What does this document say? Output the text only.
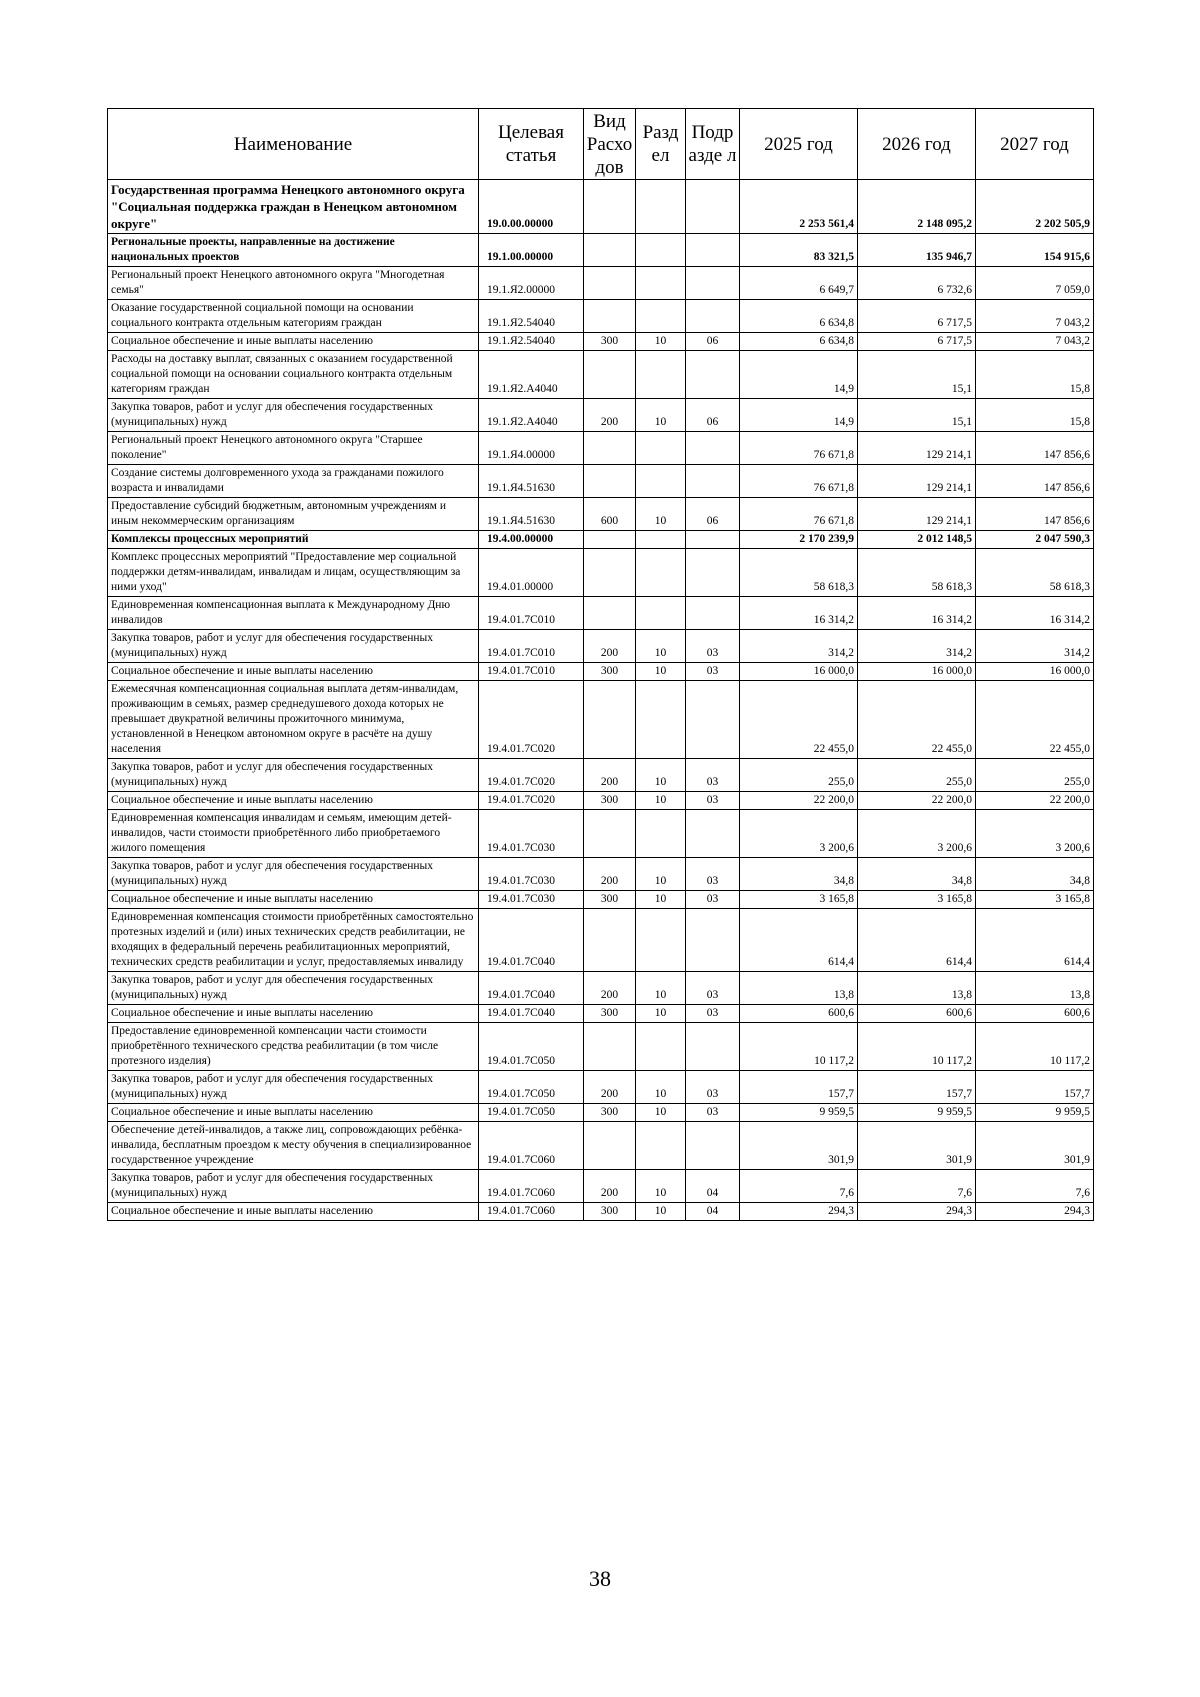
Наименование	Целевая статья	Вид Расхо дов	Разд ел	Подр азде л	2025 год	2026 год	2027 год
Государственная программа Ненецкого автономного округа "Социальная поддержка граждан в Ненецком автономном округе"	19.0.00.00000				2 253 561,4	2 148 095,2	2 202 505,9
Региональные проекты, направленные на достижение национальных проектов	19.1.00.00000				83 321,5	135 946,7	154 915,6
Региональный проект Ненецкого автономного округа "Многодетная семья"	19.1.Я2.00000				6 649,7	6 732,6	7 059,0
Оказание государственной социальной помощи на основании социального контракта отдельным категориям граждан	19.1.Я2.54040				6 634,8	6 717,5	7 043,2
Социальное обеспечение и иные выплаты населению	19.1.Я2.54040	300	10	06	6 634,8	6 717,5	7 043,2
Расходы на доставку выплат, связанных с оказанием государственной социальной помощи на основании социального контракта отдельным категориям граждан	19.1.Я2.А4040				14,9	15,1	15,8
Закупка товаров, работ и услуг для обеспечения государственных (муниципальных) нужд	19.1.Я2.А4040	200	10	06	14,9	15,1	15,8
Региональный проект Ненецкого автономного округа "Старшее поколение"	19.1.Я4.00000				76 671,8	129 214,1	147 856,6
Создание системы долговременного ухода за гражданами пожилого возраста и инвалидами	19.1.Я4.51630				76 671,8	129 214,1	147 856,6
Предоставление субсидий бюджетным, автономным учреждениям и иным некоммерческим организациям	19.1.Я4.51630	600	10	06	76 671,8	129 214,1	147 856,6
Комплексы процессных мероприятий	19.4.00.00000				2 170 239,9	2 012 148,5	2 047 590,3
Комплекс процессных мероприятий "Предоставление мер социальной поддержки детям-инвалидам, инвалидам и лицам, осуществляющим за ними уход"	19.4.01.00000				58 618,3	58 618,3	58 618,3
Единовременная компенсационная выплата к Международному Дню инвалидов	19.4.01.7С010				16 314,2	16 314,2	16 314,2
Закупка товаров, работ и услуг для обеспечения государственных (муниципальных) нужд	19.4.01.7С010	200	10	03	314,2	314,2	314,2
Социальное обеспечение и иные выплаты населению	19.4.01.7С010	300	10	03	16 000,0	16 000,0	16 000,0
Ежемесячная компенсационная социальная выплата детям-инвалидам, проживающим в семьях, размер среднедушевого дохода которых не превышает двукратной величины прожиточного минимума, установленной в Ненецком автономном округе в расчёте на душу населения	19.4.01.7С020				22 455,0	22 455,0	22 455,0
Закупка товаров, работ и услуг для обеспечения государственных (муниципальных) нужд	19.4.01.7С020	200	10	03	255,0	255,0	255,0
Социальное обеспечение и иные выплаты населению	19.4.01.7С020	300	10	03	22 200,0	22 200,0	22 200,0
Единовременная компенсация инвалидам и семьям, имеющим детей-инвалидов, части стоимости приобретённого либо приобретаемого жилого помещения	19.4.01.7С030				3 200,6	3 200,6	3 200,6
Закупка товаров, работ и услуг для обеспечения государственных (муниципальных) нужд	19.4.01.7С030	200	10	03	34,8	34,8	34,8
Социальное обеспечение и иные выплаты населению	19.4.01.7С030	300	10	03	3 165,8	3 165,8	3 165,8
Единовременная компенсация стоимости приобретённых самостоятельно протезных изделий и (или) иных технических средств реабилитации, не входящих в федеральный перечень реабилитационных мероприятий, технических средств реабилитации и услуг, предоставляемых инвалиду	19.4.01.7С040				614,4	614,4	614,4
Закупка товаров, работ и услуг для обеспечения государственных (муниципальных) нужд	19.4.01.7С040	200	10	03	13,8	13,8	13,8
Социальное обеспечение и иные выплаты населению	19.4.01.7С040	300	10	03	600,6	600,6	600,6
Предоставление единовременной компенсации части стоимости приобретённого технического средства реабилитации (в том числе протезного изделия)	19.4.01.7С050				10 117,2	10 117,2	10 117,2
Закупка товаров, работ и услуг для обеспечения государственных (муниципальных) нужд	19.4.01.7С050	200	10	03	157,7	157,7	157,7
Социальное обеспечение и иные выплаты населению	19.4.01.7С050	300	10	03	9 959,5	9 959,5	9 959,5
Обеспечение детей-инвалидов, а также лиц, сопровождающих ребёнка-инвалида, бесплатным проездом к месту обучения в специализированное государственное учреждение	19.4.01.7С060				301,9	301,9	301,9
Закупка товаров, работ и услуг для обеспечения государственных (муниципальных) нужд	19.4.01.7С060	200	10	04	7,6	7,6	7,6
Социальное обеспечение и иные выплаты населению	19.4.01.7С060	300	10	04	294,3	294,3	294,3
38
